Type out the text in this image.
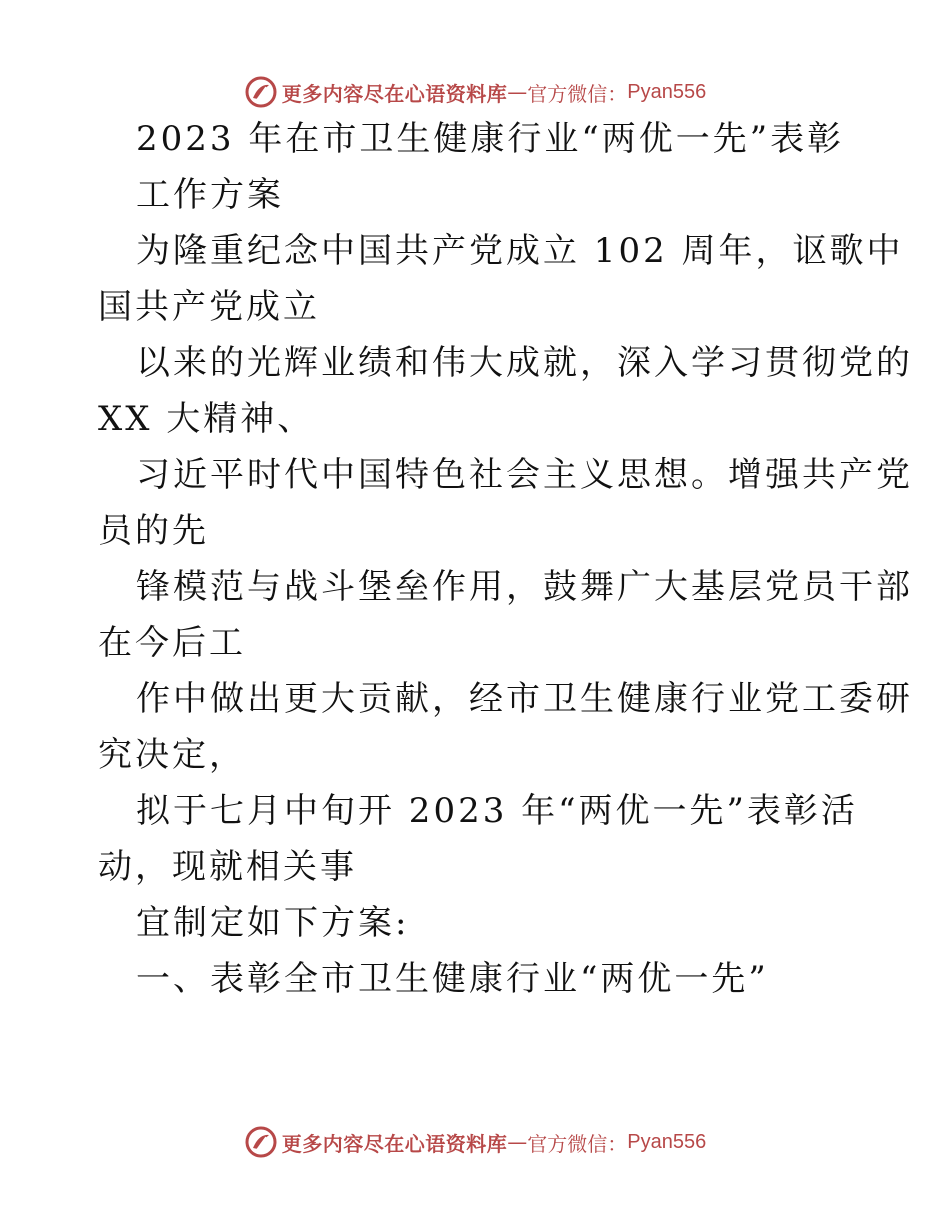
更多内容尽在心语资料库 — 官方微信： Pyan556
2023 年在市卫生健康行业“两优一先”表彰
工作方案
为隆重纪念中国共产党成立 102 周年，讴歌中
国共产党成立
以来的光辉业绩和伟大成就，深入学习贯彻党的
XX 大精神、
习近平时代中国特色社会主义思想。增强共产党
员的先
锋模范与战斗堡垒作用，鼓舞广大基层党员干部
在今后工
作中做出更大贡献，经市卫生健康行业党工委研
究决定，
拟于七月中旬开 2023 年“两优一先”表彰活
动，现就相关事
宜制定如下方案:
一、表彰全市卫生健康行业“两优一先”
更多内容尽在心语资料库 — 官方微信： Pyan556
